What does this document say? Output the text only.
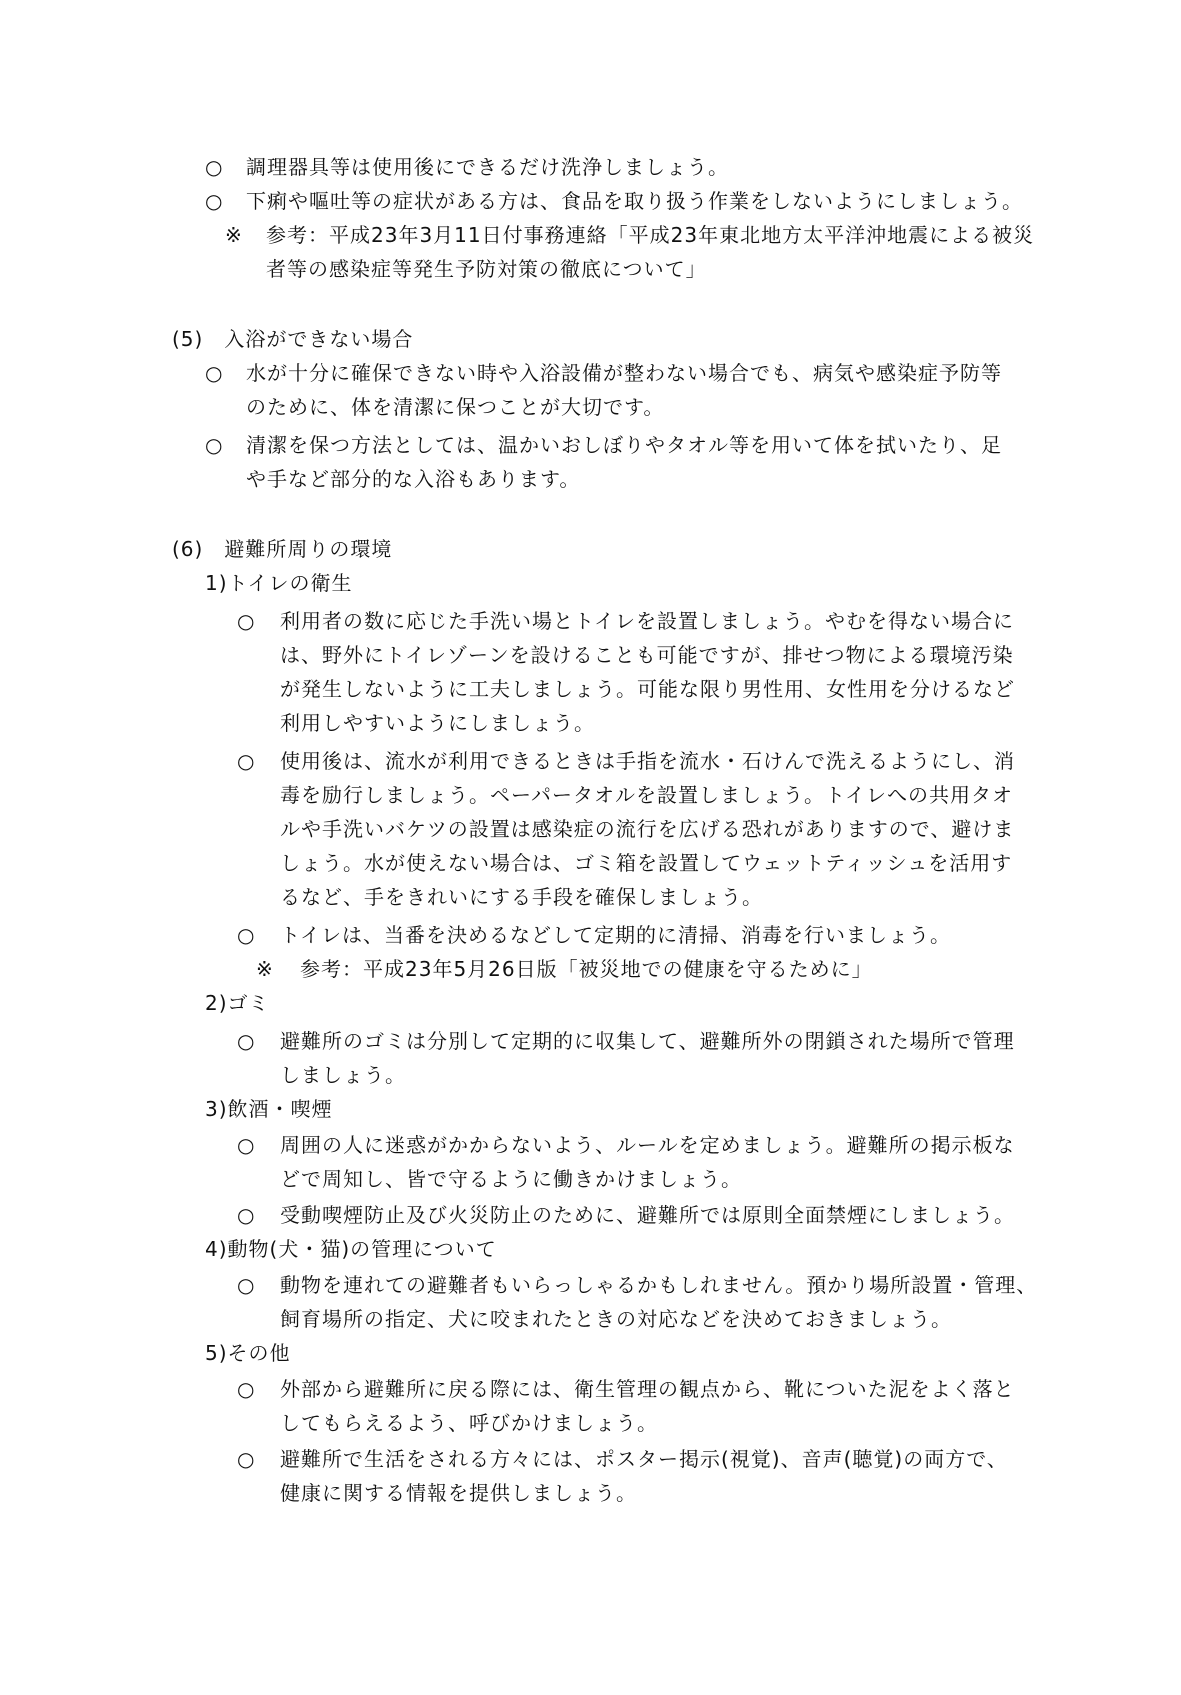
○ 調理器具等は使用後にできるだけ洗浄しましょう。
○ 下痢や嘔吐等の症状がある方は、食品を取り扱う作業をしないようにしましょう。
※ 参考：平成23年3月11日付事務連絡「平成23年東北地方太平洋沖地震による被災
者等の感染症等発生予防対策の徹底について」
(5)　入浴ができない場合
○ 水が十分に確保できない時や入浴設備が整わない場合でも、病気や感染症予防等
のために、体を清潔に保つことが大切です。
○ 清潔を保つ方法としては、温かいおしぼりやタオル等を用いて体を拭いたり、足
や手など部分的な入浴もあります。
(6)　避難所周りの環境
1)トイレの衛生
○ 利用者の数に応じた手洗い場とトイレを設置しましょう。やむを得ない場合に
は、野外にトイレゾーンを設けることも可能ですが、排せつ物による環境汚染
が発生しないように工夫しましょう。可能な限り男性用、女性用を分けるなど
利用しやすいようにしましょう。
○ 使用後は、流水が利用できるときは手指を流水・石けんで洗えるようにし、消
毒を励行しましょう。ペーパータオルを設置しましょう。トイレへの共用タオ
ルや手洗いバケツの設置は感染症の流行を広げる恐れがありますので、避けま
しょう。水が使えない場合は、ゴミ箱を設置してウェットティッシュを活用す
るなど、手をきれいにする手段を確保しましょう。
○ トイレは、当番を決めるなどして定期的に清掃、消毒を行いましょう。
※ 参考：平成23年5月26日版「被災地での健康を守るために」
2)ゴミ
○ 避難所のゴミは分別して定期的に収集して、避難所外の閉鎖された場所で管理
しましょう。
3)飲酒・喫煙
○ 周囲の人に迷惑がかからないよう、ルールを定めましょう。避難所の掲示板な
どで周知し、皆で守るように働きかけましょう。
○ 受動喫煙防止及び火災防止のために、避難所では原則全面禁煙にしましょう。
4)動物(犬・猫)の管理について
○ 動物を連れての避難者もいらっしゃるかもしれません。預かり場所設置・管理、
飼育場所の指定、犬に咬まれたときの対応などを決めておきましょう。
5)その他
○ 外部から避難所に戻る際には、衛生管理の観点から、靴についた泥をよく落と
してもらえるよう、呼びかけましょう。
○ 避難所で生活をされる方々には、ポスター掲示(視覚)、音声(聴覚)の両方で、
健康に関する情報を提供しましょう。
